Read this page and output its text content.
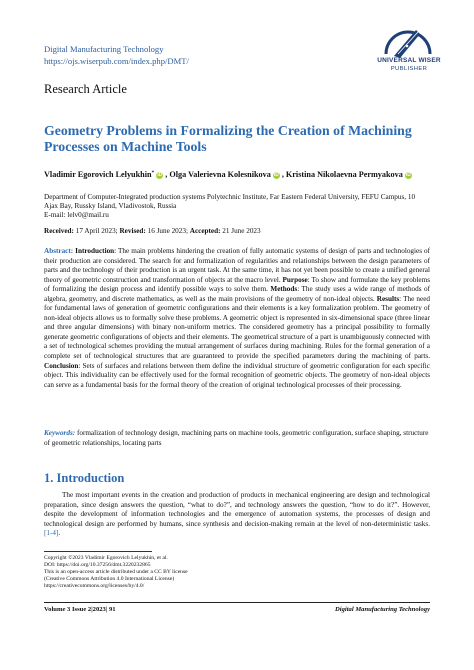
Digital Manufacturing Technology
https://ojs.wiserpub.com/index.php/DMT/	UNIVERSAL WISER
PUBLISHER
Research Article
Geometry Problems in Formalizing the Creation of Machining Processes on Machine Tools
Vladimir Egorovich Lelyukhin* iD , Olga Valerievna Kolesnikova iD , Kristina Nikolaevna Permyakova iD
Department of Computer-Integrated production systems Polytechnic Institute, Far Eastern Federal University, FEFU Campus, 10
Ajax Bay, Russky Island, Vladivostok, Russia
E-mail: lelv0@mail.ru
Received: 17 April 2023; Revised: 16 June 2023; Accepted: 21 June 2023

Abstract: Introduction: The main problems hindering the creation of fully automatic systems of design of parts and technologies of their production are considered. The search for and formalization of regularities and relationships between the design parameters of parts and the technology of their production is an urgent task. At the same time, it has not yet been possible to create a unified general theory of geometric construction and transformation of objects at the macro level. Purpose: To show and formulate the key problems of formalizing the design process and identify possible ways to solve them. Methods: The study uses a wide range of methods of algebra, geometry, and discrete mathematics, as well as the main provisions of the geometry of non-ideal objects. Results: The need for fundamental laws of generation of geometric configurations and their elements is a key formalization problem. The geometry of non-ideal objects allows us to formally solve these problems. A geometric object is represented in six-dimensional space (three linear and three angular dimensions) with binary non-uniform metrics. The considered geometry has a principal possibility to formally generate geometric configurations of objects and their elements. The geometrical structure of a part is unambiguously connected with a set of technological schemes providing the mutual arrangement of surfaces during machining. Rules for the formal generation of a complete set of technological structures that are guaranteed to provide the specified parameters during the machining of parts. Conclusion: Sets of surfaces and relations between them define the individual structure of geometric configuration for each specific object. This individuality can be effectively used for the formal recognition of geometric objects. The geometry of non-ideal objects can serve as a fundamental basis for the formal theory of the creation of original technological processes of their processing.

Keywords: formalization of technology design, machining parts on machine tools, geometric configuration, surface shaping, structure of geometric relationships, locating parts

1. Introduction

The most important events in the creation and production of products in mechanical engineering are design and technological preparation, since design answers the question, “what to do?”, and technology answers the question, “how to do it?”. However, despite the development of information technologies and the emergence of automation systems, the processes of design and technological design are performed by humans, since synthesis and decision-making remain at the level of non-deterministic tasks. [1-4].

Copyright ©2023 Vladimir Egorovich Lelyukhin, et al.
DOI: https://doi.org/10.37256/dmt.3220232865
This is an open-access article distributed under a CC BY license
(Creative Commons Attribution 4.0 International License)
https://creativecommons.org/licenses/by/4.0/
Volume 3 Issue 2|2023| 91	Digital Manufacturing Technology
